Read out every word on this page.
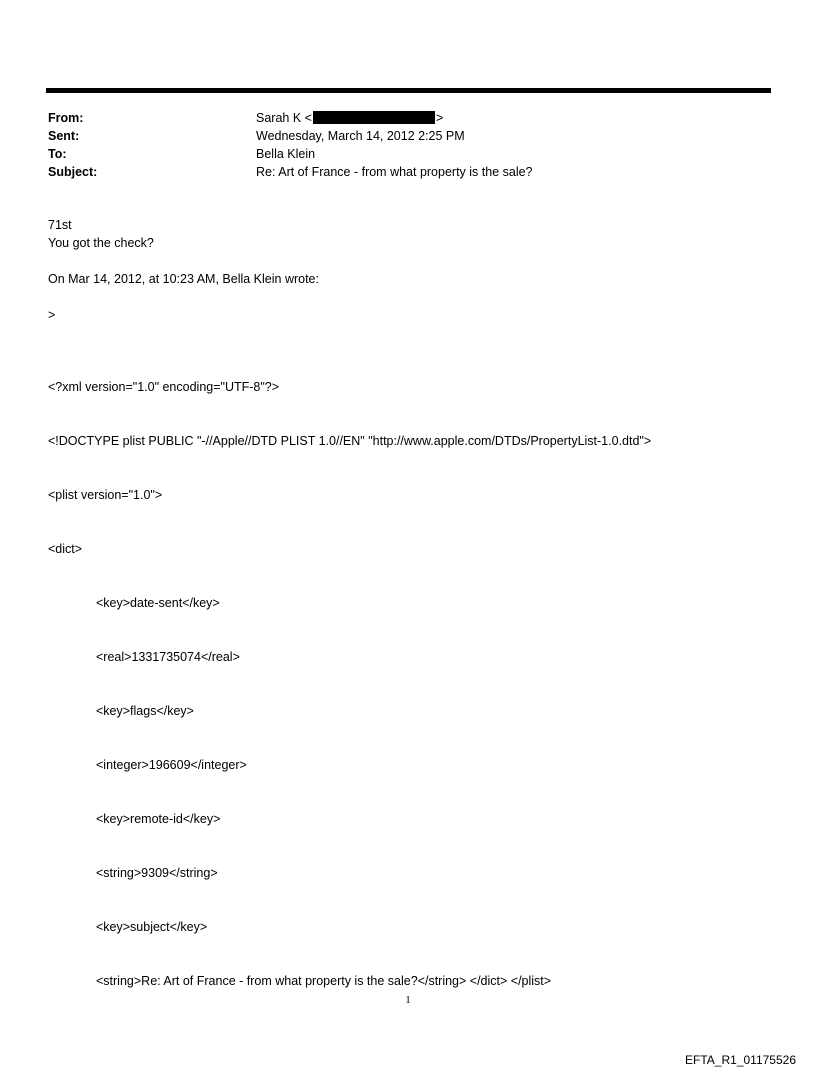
From:	Sarah K <	>
Sent:	Wednesday, March 14, 2012 2:25 PM
To:	Bella Klein
Subject:	Re: Art of France - from what property is the sale?
71st
You got the check?
On Mar 14, 2012, at 10:23 AM, Bella Klein wrote:
>

<?xml version="1.0" encoding="UTF-8"?>

<!DOCTYPE plist PUBLIC "-//Apple//DTD PLIST 1.0//EN" "http://www.apple.com/DTDs/PropertyList-1.0.dtd">

<plist version="1.0">

<dict>

<key>date-sent</key>

<real>1331735074</real>

<key>flags</key>

<integer>196609</integer>

<key>remote-id</key>

<string>9309</string>

<key>subject</key>

<string>Re: Art of France - from what property is the sale?</string> </dict> </plist>

1
EFTA_R1_01175526
